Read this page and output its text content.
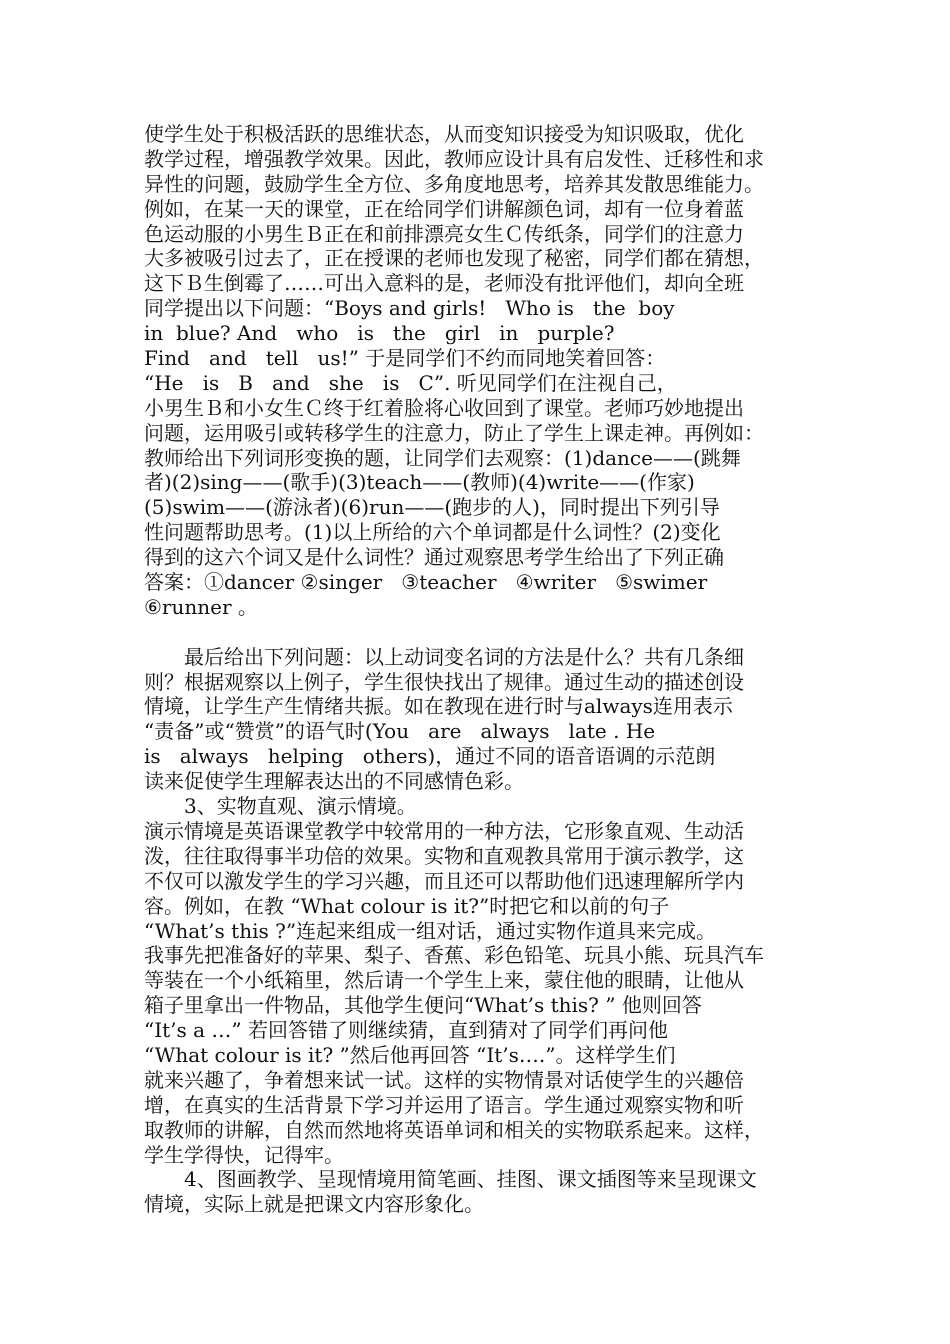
使学生处于积极活跃的思维状态，从而变知识接受为知识吸取，优化
教学过程，增强教学效果。因此，教师应设计具有启发性、迁移性和求
异性的问题，鼓励学生全方位、多角度地思考，培养其发散思维能力。
例如，在某一天的课堂，正在给同学们讲解颜色词，却有一位身着蓝
色运动服的小男生Ｂ正在和前排漂亮女生Ｃ传纸条，同学们的注意力
大多被吸引过去了，正在授课的老师也发现了秘密，同学们都在猜想，
这下Ｂ生倒霉了……可出入意料的是，老师没有批评他们，却向全班
同学提出以下问题：“Boys and girls!   Who is   the  boy
in  blue? And   who   is   the   girl   in   purple?
Find   and   tell   us!” 于是同学们不约而同地笑着回答：
“He   is   B   and   she   is   C”. 听见同学们在注视自己，
小男生Ｂ和小女生Ｃ终于红着脸将心收回到了课堂。老师巧妙地提出
问题，运用吸引或转移学生的注意力，防止了学生上课走神。再例如：
教师给出下列词形变换的题，让同学们去观察：(1)dance——(跳舞
者)(2)sing——(歌手)(3)teach——(教师)(4)write——(作家)
(5)swim——(游泳者)(6)run——(跑步的人)，同时提出下列引导
性问题帮助思考。(1)以上所给的六个单词都是什么词性？(2)变化
得到的这六个词又是什么词性？通过观察思考学生给出了下列正确
答案：①dancer ②singer   ③teacher   ④writer   ⑤swimer
⑥runner 。
　　最后给出下列问题：以上动词变名词的方法是什么？共有几条细
则？根据观察以上例子，学生很快找出了规律。通过生动的描述创设
情境，让学生产生情绪共振。如在教现在进行时与always连用表示
“责备”或“赞赏”的语气时(You   are   always   late . He
is   always   helping   others)，通过不同的语音语调的示范朗
读来促使学生理解表达出的不同感情色彩。
　　3、实物直观、演示情境。
演示情境是英语课堂教学中较常用的一种方法，它形象直观、生动活
泼，往往取得事半功倍的效果。实物和直观教具常用于演示教学，这
不仅可以激发学生的学习兴趣，而且还可以帮助他们迅速理解所学内
容。例如，在教 “What colour is it?”时把它和以前的句子
“What’s this ?”连起来组成一组对话，通过实物作道具来完成。
我事先把准备好的苹果、梨子、香蕉、彩色铅笔、玩具小熊、玩具汽车
等装在一个小纸箱里，然后请一个学生上来，蒙住他的眼睛，让他从
箱子里拿出一件物品，其他学生便问“What’s this? ” 他则回答
“It’s a …” 若回答错了则继续猜，直到猜对了同学们再问他
“What colour is it? ”然后他再回答 “It’s….”。这样学生们
就来兴趣了，争着想来试一试。这样的实物情景对话使学生的兴趣倍
增，在真实的生活背景下学习并运用了语言。学生通过观察实物和听
取教师的讲解，自然而然地将英语单词和相关的实物联系起来。这样，
学生学得快，记得牢。
　　4、图画教学、呈现情境用简笔画、挂图、课文插图等来呈现课文
情境，实际上就是把课文内容形象化。
